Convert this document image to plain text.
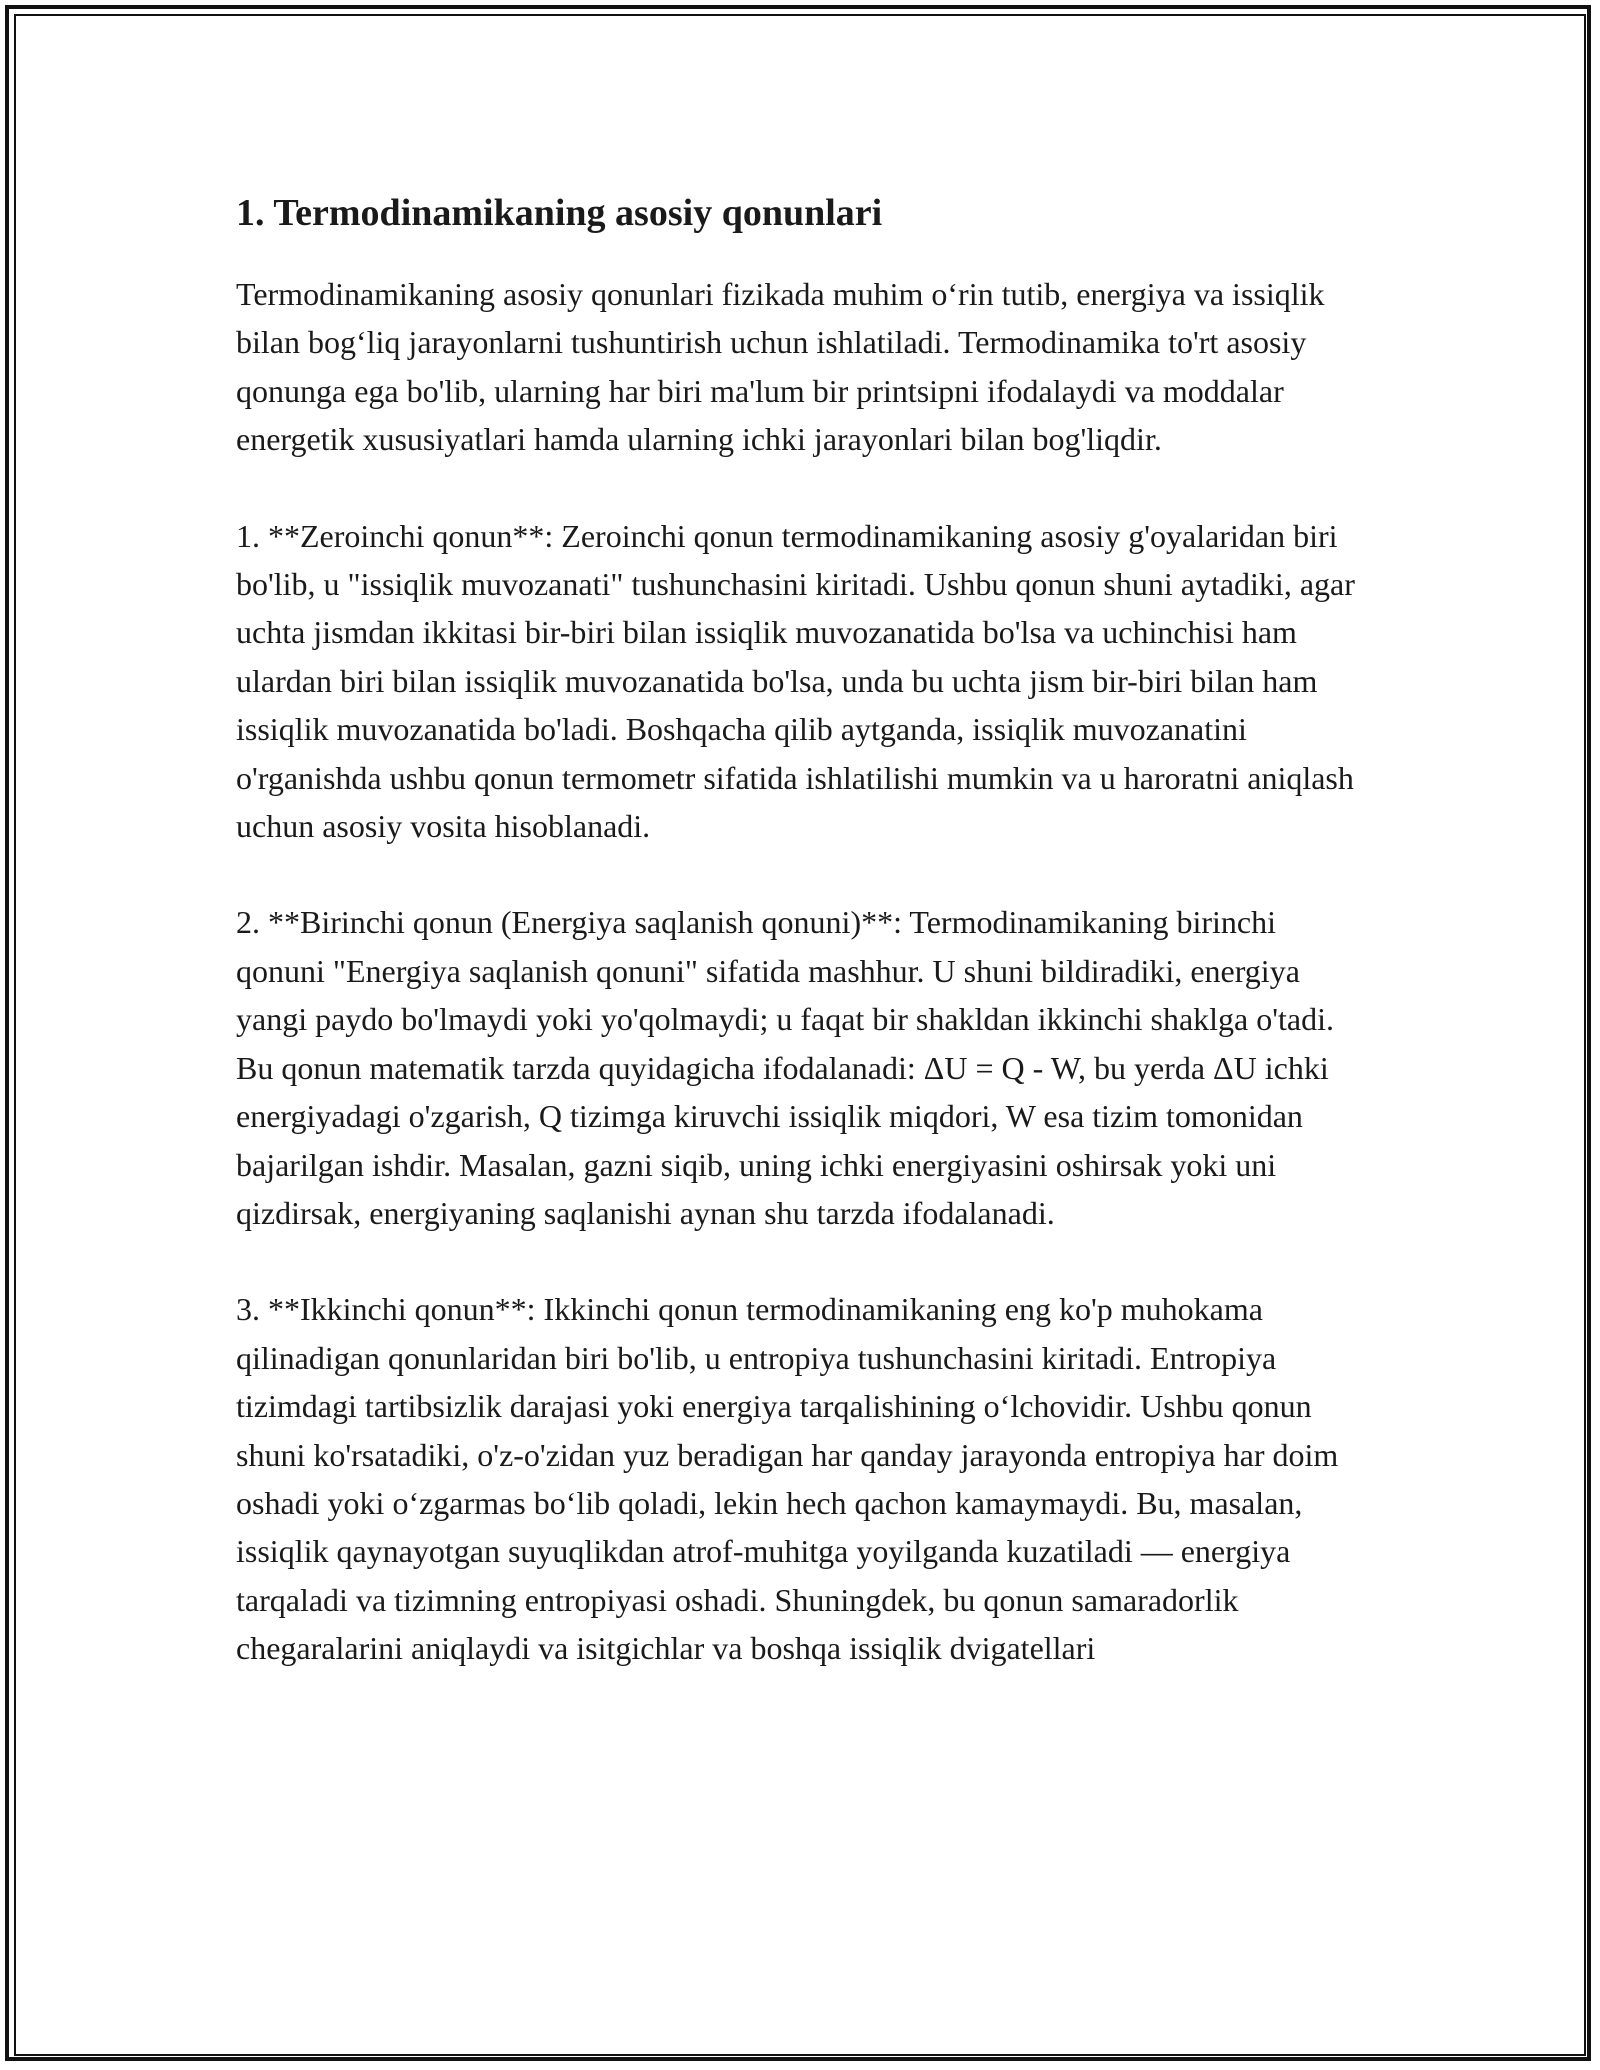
1. Termodinamikaning asosiy qonunlari

Termodinamikaning asosiy qonunlari fizikada muhim o‘rin tutib, energiya va issiqlik bilan bog‘liq jarayonlarni tushuntirish uchun ishlatiladi. Termodinamika to'rt asosiy qonunga ega bo'lib, ularning har biri ma'lum bir printsipni ifodalaydi va moddalar energetik xususiyatlari hamda ularning ichki jarayonlari bilan bog'liqdir.

1. **Zeroinchi qonun**: Zeroinchi qonun termodinamikaning asosiy g'oyalaridan biri bo'lib, u "issiqlik muvozanati" tushunchasini kiritadi. Ushbu qonun shuni aytadiki, agar uchta jismdan ikkitasi bir-biri bilan issiqlik muvozanatida bo'lsa va uchinchisi ham ulardan biri bilan issiqlik muvozanatida bo'lsa, unda bu uchta jism bir-biri bilan ham issiqlik muvozanatida bo'ladi. Boshqacha qilib aytganda, issiqlik muvozanatini o'rganishda ushbu qonun termometr sifatida ishlatilishi mumkin va u haroratni aniqlash uchun asosiy vosita hisoblanadi.

2. **Birinchi qonun (Energiya saqlanish qonuni)**: Termodinamikaning birinchi qonuni "Energiya saqlanish qonuni" sifatida mashhur. U shuni bildiradiki, energiya yangi paydo bo'lmaydi yoki yo'qolmaydi; u faqat bir shakldan ikkinchi shaklga o'tadi. Bu qonun matematik tarzda quyidagicha ifodalanadi: ΔU = Q - W, bu yerda ΔU ichki energiyadagi o'zgarish, Q tizimga kiruvchi issiqlik miqdori, W esa tizim tomonidan bajarilgan ishdir. Masalan, gazni siqib, uning ichki energiyasini oshirsak yoki uni qizdirsak, energiyaning saqlanishi aynan shu tarzda ifodalanadi.

3. **Ikkinchi qonun**: Ikkinchi qonun termodinamikaning eng ko'p muhokama qilinadigan qonunlaridan biri bo'lib, u entropiya tushunchasini kiritadi. Entropiya tizimdagi tartibsizlik darajasi yoki energiya tarqalishining o‘lchovidir. Ushbu qonun shuni ko'rsatadiki, o'z-o'zidan yuz beradigan har qanday jarayonda entropiya har doim oshadi yoki o‘zgarmas bo‘lib qoladi, lekin hech qachon kamaymaydi. Bu, masalan, issiqlik qaynayotgan suyuqlikdan atrof-muhitga yoyilganda kuzatiladi — energiya tarqaladi va tizimning entropiyasi oshadi. Shuningdek, bu qonun samaradorlik chegaralarini aniqlaydi va isitgichlar va boshqa issiqlik dvigatellari
